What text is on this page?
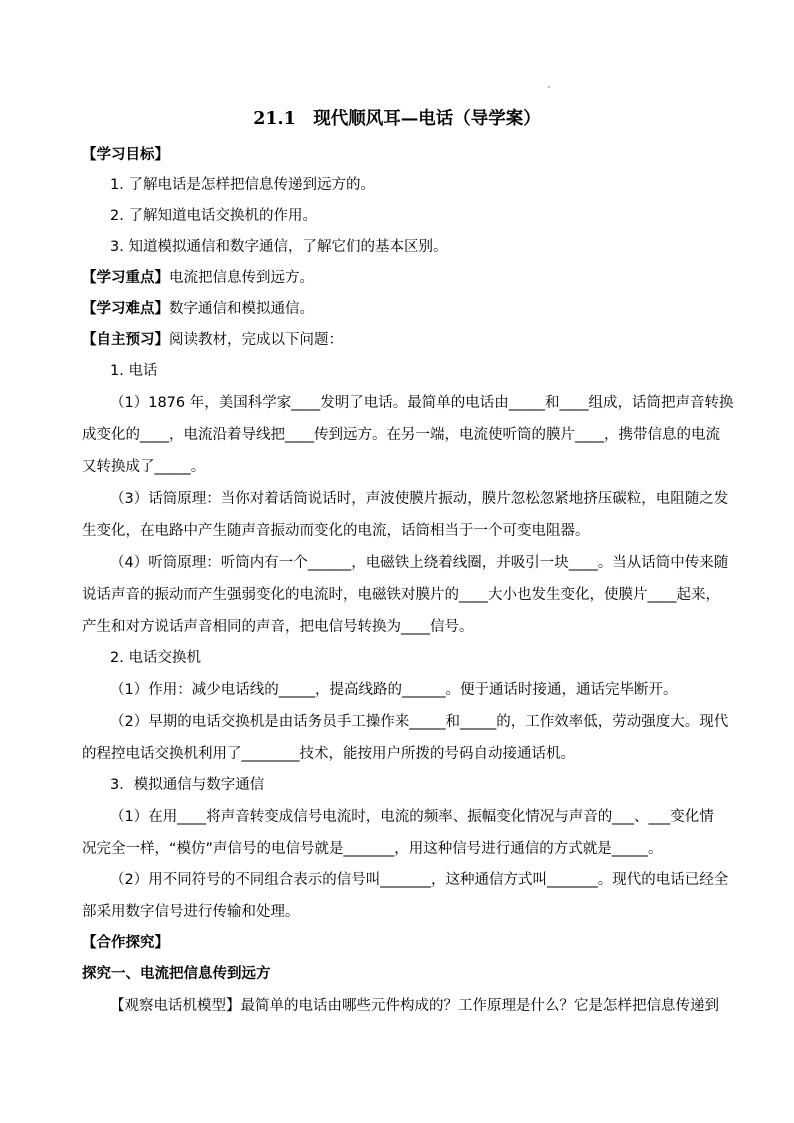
21.1　现代顺风耳—电话（导学案）
【学习目标】
1. 了解电话是怎样把信息传递到远方的。
2. 了解知道电话交换机的作用。
3. 知道模拟通信和数字通信，了解它们的基本区别。
【学习重点】电流把信息传到远方。
【学习难点】数字通信和模拟通信。
【自主预习】阅读教材，完成以下问题：
1. 电话
（1）1876 年，美国科学家____发明了电话。最简单的电话由_____和____组成，话筒把声音转换
成变化的____，电流沿着导线把____传到远方。在另一端，电流使听筒的膜片____，携带信息的电流
又转换成了_____。
（3）话筒原理：当你对着话筒说话时，声波使膜片振动，膜片忽松忽紧地挤压碳粒，电阻随之发
生变化，在电路中产生随声音振动而变化的电流，话筒相当于一个可变电阻器。
（4）听筒原理：听筒内有一个______，电磁铁上绕着线圈，并吸引一块____。当从话筒中传来随
说话声音的振动而产生强弱变化的电流时，电磁铁对膜片的____大小也发生变化，使膜片____起来，
产生和对方说话声音相同的声音，把电信号转换为____信号。
2. 电话交换机
（1）作用：减少电话线的_____，提高线路的______。便于通话时接通，通话完毕断开。
（2）早期的电话交换机是由话务员手工操作来_____和_____的，工作效率低，劳动强度大。现代
的程控电话交换机利用了________技术，能按用户所拨的号码自动接通话机。
3．模拟通信与数字通信
（1）在用____将声音转变成信号电流时，电流的频率、振幅变化情况与声音的___、___变化情
况完全一样，“模仿”声信号的电信号就是_______，用这种信号进行通信的方式就是_____。
（2）用不同符号的不同组合表示的信号叫_______，这种通信方式叫_______。现代的电话已经全
部采用数字信号进行传输和处理。
【合作探究】
探究一、电流把信息传到远方
【观察电话机模型】最简单的电话由哪些元件构成的？工作原理是什么？它是怎样把信息传递到
